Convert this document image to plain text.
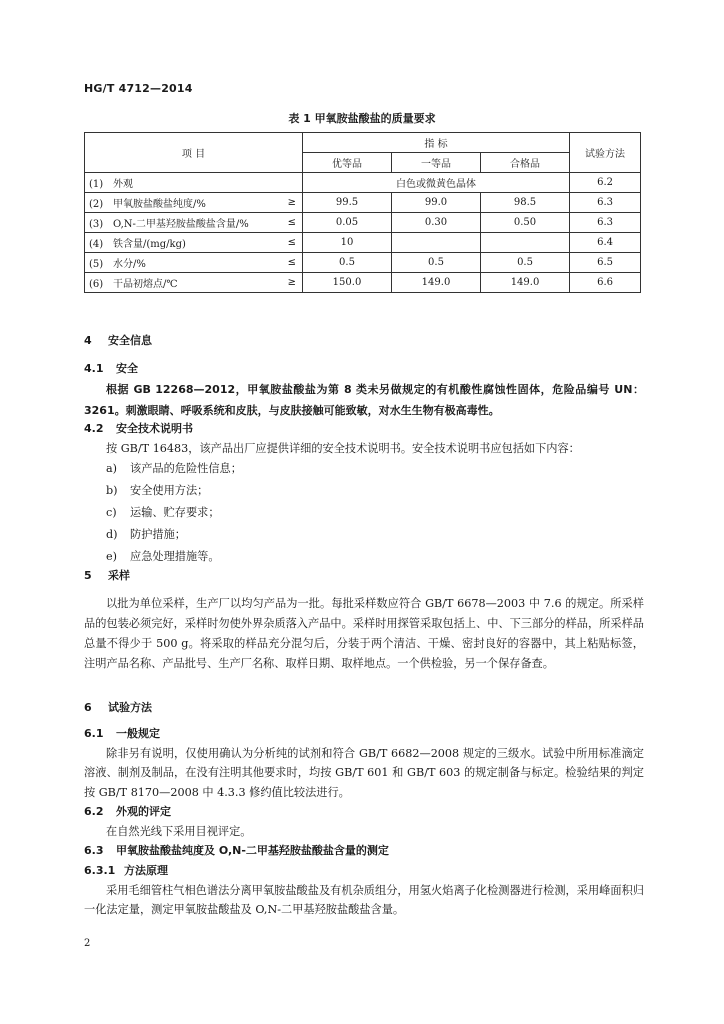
HG/T 4712—2014
表 1 甲氧胺盐酸盐的质量要求
项 目	指 标			试验方法
	优等品	一等品	合格品	
(1) 外观	白色或微黄色晶体			6.2

(2) 甲氧胺盐酸盐纯度/% ≥	99.5	99.0	98.5	6.3

(3) O,N-二甲基羟胺盐酸盐含量/% ≤	0.05	0.30	0.50	6.3

(4) 铁含量/(mg/kg) ≤	10			6.4

(5) 水分/% ≤	0.5	0.5	0.5	6.5

(6) 干品初熔点/℃ ≥	150.0	149.0	149.0	6.6
4 安全信息
4.1 安全
根据 GB 12268—2012，甲氧胺盐酸盐为第 8 类未另做规定的有机酸性腐蚀性固体，危险品编号 UN：3261。刺激眼睛、呼吸系统和皮肤，与皮肤接触可能致敏，对水生生物有极高毒性。
4.2 安全技术说明书
按 GB/T 16483，该产品出厂应提供详细的安全技术说明书。安全技术说明书应包括如下内容：
a) 该产品的危险性信息；
b) 安全使用方法；
c) 运输、贮存要求；
d) 防护措施；
e) 应急处理措施等。
5 采样
以批为单位采样，生产厂以均匀产品为一批。每批采样数应符合 GB/T 6678—2003 中 7.6 的规定。所采样品的包装必须完好，采样时勿使外界杂质落入产品中。采样时用探管采取包括上、中、下三部分的样品，所采样品总量不得少于 500 g。将采取的样品充分混匀后，分装于两个清洁、干燥、密封良好的容器中，其上粘贴标签，注明产品名称、产品批号、生产厂名称、取样日期、取样地点。一个供检验，另一个保存备查。
6 试验方法
6.1 一般规定
除非另有说明，仅使用确认为分析纯的试剂和符合 GB/T 6682—2008 规定的三级水。试验中所用标准滴定溶液、制剂及制品，在没有注明其他要求时，均按 GB/T 601 和 GB/T 603 的规定制备与标定。检验结果的判定按 GB/T 8170—2008 中 4.3.3 修约值比较法进行。
6.2 外观的评定
在自然光线下采用目视评定。
6.3 甲氧胺盐酸盐纯度及 O,N-二甲基羟胺盐酸盐含量的测定
6.3.1 方法原理
采用毛细管柱气相色谱法分离甲氧胺盐酸盐及有机杂质组分，用氢火焰离子化检测器进行检测，采用峰面积归一化法定量，测定甲氧胺盐酸盐及 O,N-二甲基羟胺盐酸盐含量。
2
